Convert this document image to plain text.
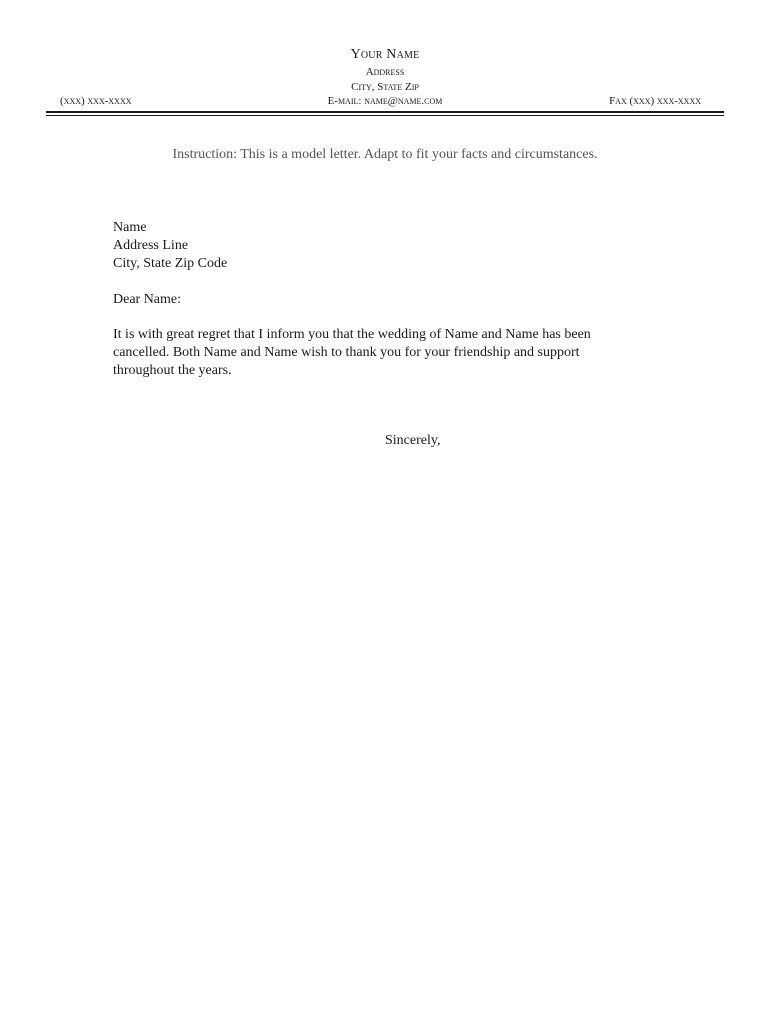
Your Name
Address
City, State Zip
E-mail: name@name.com
(xxx) xxx-xxxx	Fax (xxx) xxx-xxxx
Instruction: This is a model letter. Adapt to fit your facts and circumstances.
Name
Address Line
City, State Zip Code
Dear Name:
It is with great regret that I inform you that the wedding of Name and Name has been
cancelled. Both Name and Name wish to thank you for your friendship and support
throughout the years.
Sincerely,
